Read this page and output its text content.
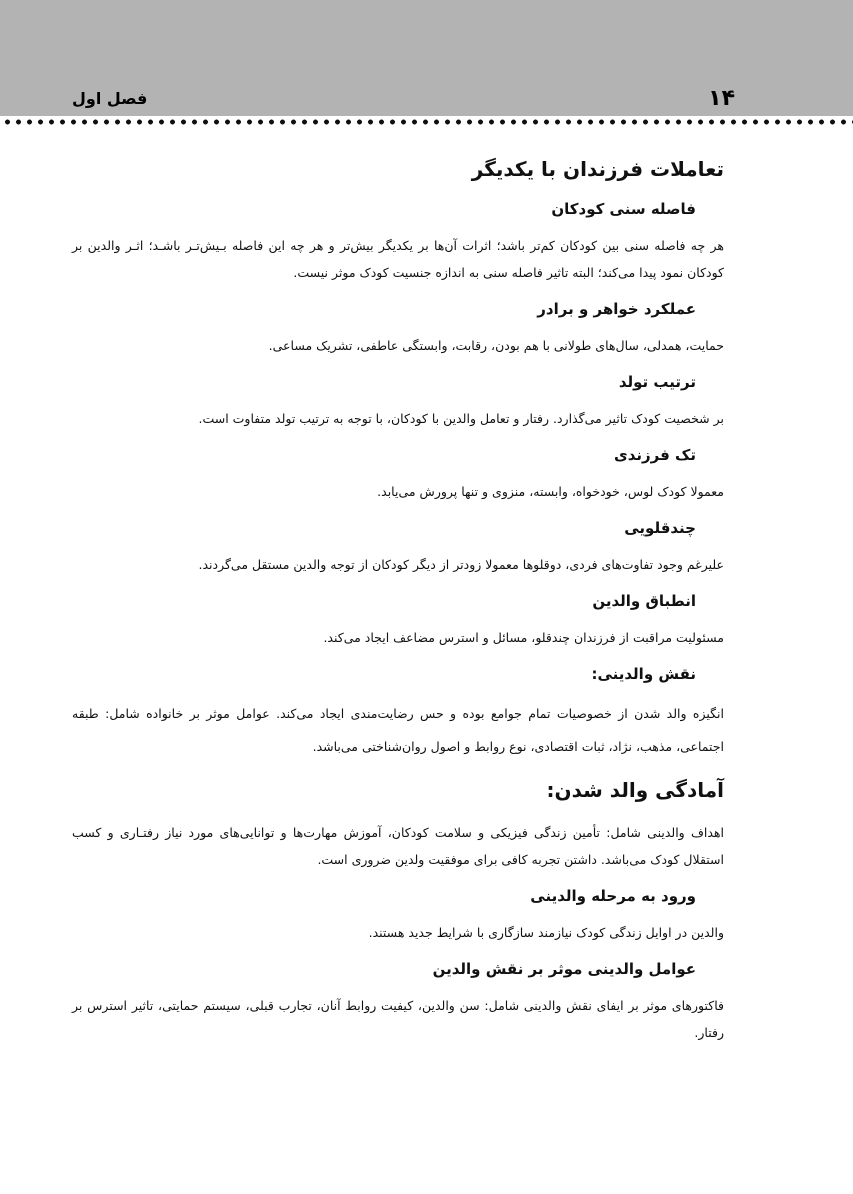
۱۴
فصل اول
تعاملات فرزندان با یکدیگر
فاصله سنی کودکان

هر چه فاصله سنی بین کودکان کم‌تر باشد؛ اثرات آن‌ها بر یکدیگر بیش‌تر و هر چه این فاصله بـیش‌تـر باشـد؛ اثـر والدین بر کودکان نمود پیدا می‌کند؛ البته تاثیر فاصله سنی به اندازه جنسیت کودک موثر نیست.

عملکرد خواهر و برادر

حمایت، همدلی، سال‌های طولانی با هم بودن، رقابت، وابستگی عاطفی، تشریک مساعی.

ترتیب تولد

بر شخصیت کودک تاثیر می‌گذارد. رفتار و تعامل والدین با کودکان، با توجه به ترتیب تولد متفاوت است.

تک فرزندی

معمولا کودک لوس، خودخواه، وابسته، منزوی و تنها پرورش می‌یابد.

چندقلویی

علیرغم وجود تفاوت‌های فردی، دوقلوها معمولا زودتر از دیگر کودکان از توجه والدین مستقل می‌گردند.

انطباق والدین

مسئولیت مراقبت از فرزندان چندقلو، مسائل و استرس مضاعف ایجاد می‌کند.

نقش والدینی:

انگیزه والد شدن از خصوصیات تمام جوامع بوده و حس رضایت‌مندی ایجاد می‌کند. عوامل موثر بر خانواده شامل: طبقه اجتماعی، مذهب، نژاد، ثبات اقتصادی، نوع روابط و اصول روان‌شناختی می‌باشد.

آمادگی والد شدن:

اهداف والدینی شامل: تأمین زندگی فیزیکی و سلامت کودکان، آموزش مهارت‌ها و توانایی‌های مورد نیاز رفتـاری و کسب استقلال کودک می‌باشد. داشتن تجربه کافی برای موفقیت ولدین ضروری است.

ورود به مرحله والدینی

والدین در اوایل زندگی کودک نیازمند سازگاری با شرایط جدید هستند.

عوامل والدینی موثر بر نقش والدین

فاکتورهای موثر بر ایفای نقش والدینی شامل: سن والدین، کیفیت روابط آنان، تجارب قبلی، سیستم حمایتی، تاثیر استرس بر رفتار.
